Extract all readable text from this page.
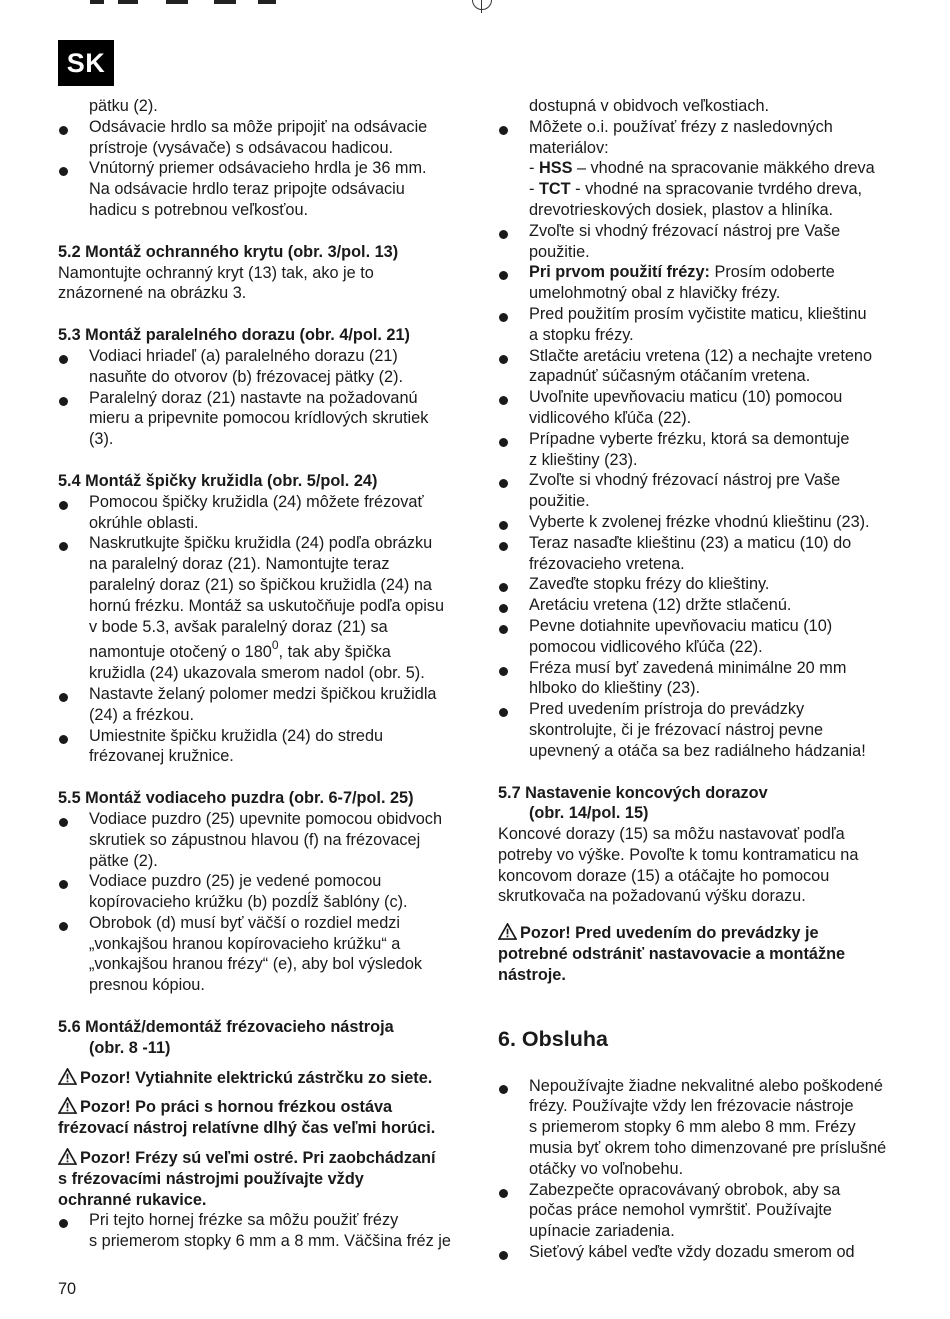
SK

pätku (2).

Odsávacie hrdlo sa môže pripojiť na odsávacie
prístroje (vysávače) s odsávacou hadicou.
Vnútorný priemer odsávacieho hrdla je 36 mm.
Na odsávacie hrdlo teraz pripojte odsávaciu
hadicu s potrebnou veľkosťou.

5.2 Montáž ochranného krytu (obr. 3/pol. 13)

Namontujte ochranný kryt (13) tak, ako je to
znázornené na obrázku 3.

5.3 Montáž paralelného dorazu (obr. 4/pol. 21)

Vodiaci hriadeľ (a) paralelného dorazu (21)
nasuňte do otvorov (b) frézovacej pätky (2).
Paralelný doraz (21) nastavte na požadovanú
mieru a pripevnite pomocou krídlových skrutiek
(3).

5.4 Montáž špičky kružidla (obr. 5/pol. 24)

Pomocou špičky kružidla (24) môžete frézovať
okrúhle oblasti.
Naskrutkujte špičku kružidla (24) podľa obrázku
na paralelný doraz (21). Namontujte teraz
paralelný doraz (21) so špičkou kružidla (24) na
hornú frézku. Montáž sa uskutočňuje podľa opisu
v bode 5.3, avšak paralelný doraz (21) sa
namontuje otočený o $180^0$, tak aby špička
kružidla (24) ukazovala smerom nadol (obr. 5).
Nastavte želaný polomer medzi špičkou kružidla
(24) a frézkou.
Umiestnite špičku kružidla (24) do stredu
frézovanej kružnice.

5.5 Montáž vodiaceho puzdra (obr. 6-7/pol. 25)

Vodiace puzdro (25) upevnite pomocou obidvoch
skrutiek so zápustnou hlavou (f) na frézovacej
pätke (2).
Vodiace puzdro (25) je vedené pomocou
kopírovacieho krúžku (b) pozdĺž šablóny (c).
Obrobok (d) musí byť väčší o rozdiel medzi
„vonkajšou hranou kopírovacieho krúžku“ a
„vonkajšou hranou frézy“ (e), aby bol výsledok
presnou kópiou.

5.6 Montáž/demontáž frézovacieho nástroja
(obr. 8 -11)

Pozor! Vytiahnite elektrickú zástrčku zo siete.

Pozor! Po práci s hornou frézkou ostáva
frézovací nástroj relatívne dlhý čas veľmi horúci.

Pozor! Frézy sú veľmi ostré. Pri zaobchádzaní
s frézovacími nástrojmi používajte vždy
ochranné rukavice.

Pri tejto hornej frézke sa môžu použiť frézy
s priemerom stopky 6 mm a 8 mm. Väčšina fréz je

dostupná v obidvoch veľkostiach.

Môžete o.i. používať frézy z nasledovných
materiálov:
- HSS – vhodné na spracovanie mäkkého dreva
- TCT - vhodné na spracovanie tvrdého dreva,
drevotrieskových dosiek, plastov a hliníka.
Zvoľte si vhodný frézovací nástroj pre Vaše
použitie.
Pri prvom použití frézy: Prosím odoberte
umelohmotný obal z hlavičky frézy.
Pred použitím prosím vyčistite maticu, klieštinu
a stopku frézy.
Stlačte aretáciu vretena (12) a nechajte vreteno
zapadnúť súčasným otáčaním vretena.
Uvoľnite upevňovaciu maticu (10) pomocou
vidlicového kľúča (22).
Prípadne vyberte frézku, ktorá sa demontuje
z klieštiny (23).
Zvoľte si vhodný frézovací nástroj pre Vaše
použitie.
Vyberte k zvolenej frézke vhodnú klieštinu (23).
Teraz nasaďte klieštinu (23) a maticu (10) do
frézovacieho vretena.
Zaveďte stopku frézy do klieštiny.
Aretáciu vretena (12) držte stlačenú.
Pevne dotiahnite upevňovaciu maticu (10)
pomocou vidlicového kľúča (22).
Fréza musí byť zavedená minimálne 20 mm
hlboko do klieštiny (23).
Pred uvedením prístroja do prevádzky
skontrolujte, či je frézovací nástroj pevne
upevnený a otáča sa bez radiálneho hádzania!

5.7 Nastavenie koncových dorazov
(obr. 14/pol. 15)

Koncové dorazy (15) sa môžu nastavovať podľa
potreby vo výške. Povoľte k tomu kontramaticu na
koncovom doraze (15) a otáčajte ho pomocou
skrutkovača na požadovanú výšku dorazu.

Pozor! Pred uvedením do prevádzky je
potrebné odstrániť nastavovacie a montážne
nástroje.

6. Obsluha

Nepoužívajte žiadne nekvalitné alebo poškodené
frézy. Používajte vždy len frézovacie nástroje
s priemerom stopky 6 mm alebo 8 mm. Frézy
musia byť okrem toho dimenzované pre príslušné
otáčky vo voľnobehu.
Zabezpečte opracovávaný obrobok, aby sa
počas práce nemohol vymrštiť. Používajte
upínacie zariadenia.
Sieťový kábel veďte vždy dozadu smerom od
70
